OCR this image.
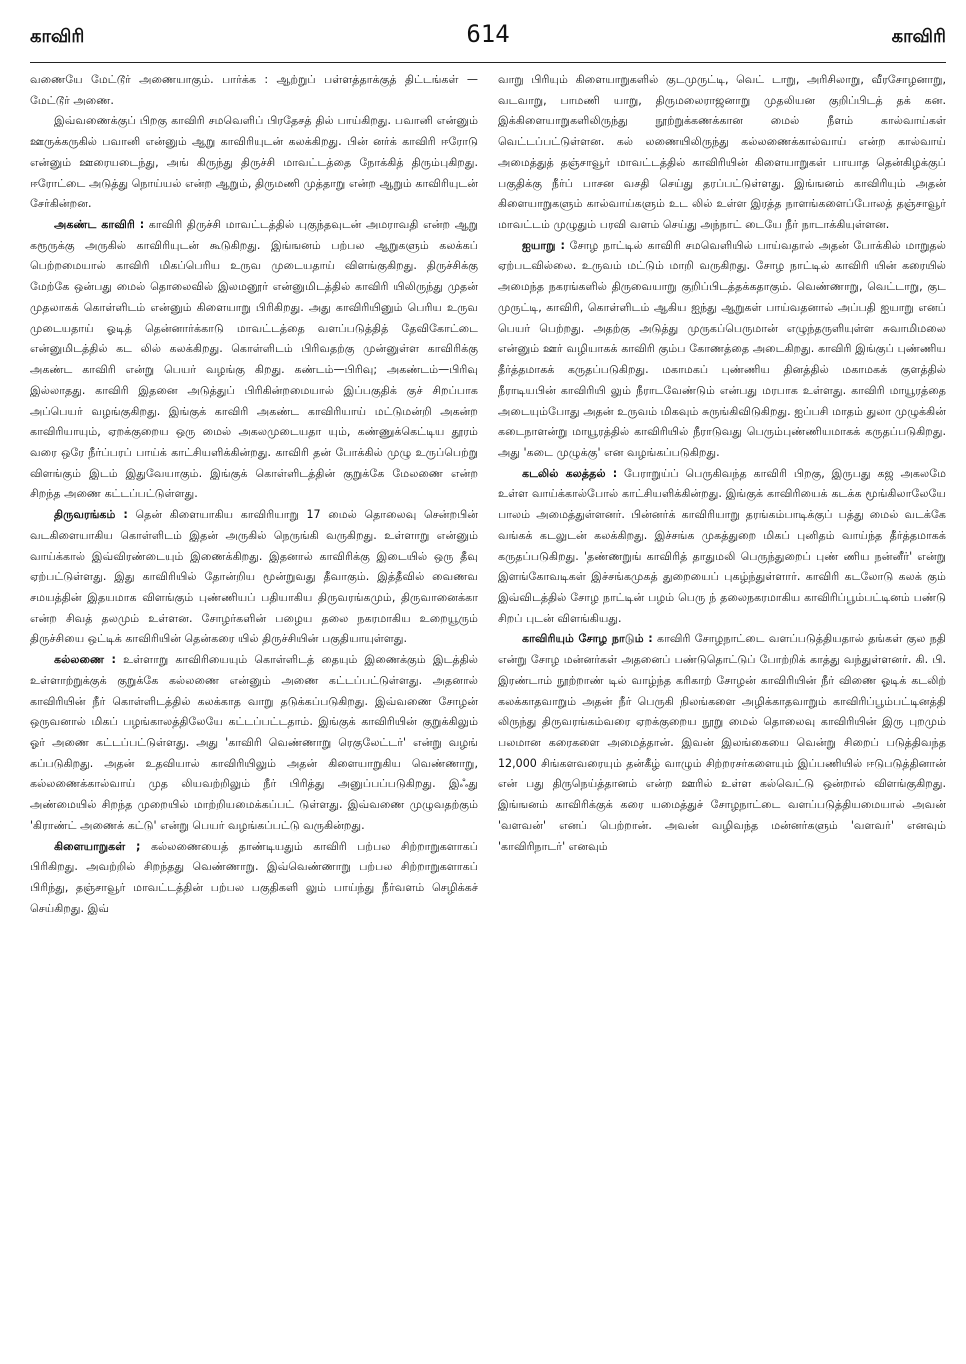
காவிரி	614	காவிரி

வணையே மேட்டூர் அணையாகும். பார்க்க : ஆற்றுப் பள்ளத்தாக்குத் திட்டங்கள் — மேட்டூர் அணை.

இவ்வணைக்குப் பிறகு காவிரி சமவெளிப் பிரதேசத் தில் பாய்கிறது. பவானி என்னும் ஊருக்கருகில் பவானி என்னும் ஆறு காவிரியுடன் கலக்கிறது. பின் னர்க் காவிரி ஈரோடு என்னும் ஊரையடைந்து, அங் கிருந்து திருச்சி மாவட்டத்தை நோக்கித் திரும்புகிறது. ஈரோட்டை அடுத்து நொய்யல் என்ற ஆறும், திருமணி முத்தாறு என்ற ஆறும் காவிரியுடன் சேர்கின்றன.

அகண்ட காவிரி : காவிரி திருச்சி மாவட்டத்தில் புகுந்தவுடன் அமராவதி என்ற ஆறு கரூருக்கு அருகில் காவிரியுடன் கூடுகிறது. இங்ஙனம் பற்பல ஆறுகளும் கலக்கப் பெற்றமையால் காவிரி மிகப்பெரிய உருவ முடையதாய் விளங்குகிறது. திருச்சிக்கு மேற்கே ஒன்பது மைல் தொலைவில் இலமனூர் என்னுமிடத்தில் காவிரி யிலிருந்து முதன் முதலாகக் கொள்ளிடம் என்னும் கிளையாறு பிரிகிறது. அது காவிரியினும் பெரிய உருவ முடையதாய் ஓடித் தென்னார்க்காடு மாவட்டத்தை வளப்படுத்தித் தேவிகோட்டை என்னுமிடத்தில் கட லில் கலக்கிறது. கொள்ளிடம் பிரிவதற்கு முன்னுள்ள காவிரிக்கு அகண்ட காவிரி என்று பெயர் வழங்கு கிறது. கண்டம்—பிரிவு; அகண்டம்—பிரிவு இல்லாதது. காவிரி இதனை அடுத்துப் பிரிகின்றமையால் இப்பகுதிக் குச் சிறப்பாக அப்பெயர் வழங்குகிறது. இங்குக் காவிரி அகண்ட காவிரியாய் மட்டுமன்றி அகன்ற காவிரியாயும், ஏறக்குறைய ஒரு மைல் அகலமுடையதா யும், கண்ணுக்கெட்டிய தூரம் வரை ஒரே நீர்ப்பரப் பாய்க் காட்சியளிக்கின்றது. காவிரி தன் போக்கில் முழு உருப்பெற்று விளங்கும் இடம் இதுவேயாகும். இங்குக் கொள்ளிடத்தின் குறுக்கே மேலணை என்ற சிறந்த அணை கட்டப்பட்டுள்ளது.

திருவரங்கம் : தென் கிளையாகிய காவிரியாறு 17 மைல் தொலைவு சென்றபின் வடகிளையாகிய கொள்ளிடம் இதன் அருகில் நெருங்கி வருகிறது. உள்ளாறு என்னும் வாய்க்கால் இவ்விரண்டையும் இணைக்கிறது. இதனால் காவிரிக்கு இடையில் ஒரு தீவு ஏற்பட்டுள்ளது. இது காவிரியில் தோன்றிய மூன்றுவது தீவாகும். இத்தீவில் வைணவ சமயத்தின் இதயமாக விளங்கும் புண்ணியப் பதியாகிய திருவரங்கமும், திருவானைக்கா என்ற சிவத் தலமும் உள்ளன. சோழர்களின் பழைய தலை நகரமாகிய உறையூரும் திருச்சியை ஒட்டிக் காவிரியின் தென்கரை யில் திருச்சியின் பகுதியாயுள்ளது.

கல்லணை : உள்ளாறு காவிரியையும் கொள்ளிடத் தையும் இணைக்கும் இடத்தில் உள்ளாற்றுக்குக் குறுக்கே கல்லணை என்னும் அணை கட்டப்பட்டுள்ளது. அதனால் காவிரியின் நீர் கொள்ளிடத்தில் கலக்காத வாறு தடுக்கப்படுகிறது. இவ்வணை சோழன் ஒருவனால் மிகப் பழங்காலத்திலேயே கட்டப்பட்டதாம். இங்குக் காவிரியின் குறுக்கிலும் ஓர் அணை கட்டப்பட்டுள்ளது. அது 'காவிரி வெண்ணாறு ரெகுலேட்டர்' என்று வழங் கப்படுகிறது. அதன் உதவியால் காவிரியிலும் அதன் கிளையாறுகிய வெண்ணாறு, கல்லணைக்கால்வாய் முத லியவற்றிலும் நீர் பிரித்து அனுப்பப்படுகிறது. இஃது அண்மையில் சிறந்த முறையில் மாற்றியமைக்கப்பட் டுள்ளது. இவ்வணை முழுவதற்கும் 'கிராண்ட் அணைக் கட்டு' என்று பெயர் வழங்கப்பட்டு வருகின்றது.

கிளையாறுகள் ; கல்லணையைத் தாண்டியதும் காவிரி பற்பல சிற்றாறுகளாகப் பிரிகிறது. அவற்றில் சிறந்தது வெண்ணாறு. இவ்வெண்ணாறு பற்பல சிற்றாறுகளாகப் பிரிந்து, தஞ்சாவூர் மாவட்டத்தின் பற்பல பகுதிகளி லும் பாய்ந்து நீர்வளம் செழிக்கச் செய்கிறது. இவ்

வாறு பிரியும் கிளையாறுகளில் குடமுருட்டி, வெட் டாறு, அரிசிலாறு, வீரசோழனாறு, வடவாறு, பாமணி யாறு, திருமலைராஜனாறு முதலியன குறிப்பிடத் தக் கன. இக்கிளையாறுகளிலிருந்து நூற்றுக்கணக்கான மைல் நீளம் கால்வாய்கள் வெட்டப்பட்டுள்ளன. கல் லணையிலிருந்து கல்லணைக்கால்வாய் என்ற கால்வாய் அமைத்துத் தஞ்சாவூர் மாவட்டத்தில் காவிரியின் கிளையாறுகள் பாயாத தென்கிழக்குப் பகுதிக்கு நீர்ப் பாசன வசதி செய்து தரப்பட்டுள்ளது. இங்ஙனம் காவிரியும் அதன் கிளையாறுகளும் கால்வாய்களும் உட லில் உள்ள இரத்த நாளங்களைப்போலத் தஞ்சாவூர் மாவட்டம் முழுதும் பரவி வளம் செய்து அந்நாட் டையே நீர் நாடாக்கியுள்ளன.

ஐயாறு : சோழ நாட்டில் காவிரி சமவெளியில் பாய்வதால் அதன் போக்கில் மாறுதல் ஏற்படவில்லை. உருவம் மட்டும் மாறி வருகிறது. சோழ நாட்டில் காவிரி யின் கரையில் அமைந்த நகரங்களில் திருவையாறு குறிப்பிடத்தக்கதாகும். வெண்ணாறு, வெட்டாறு, குட முருட்டி, காவிரி, கொள்ளிடம் ஆகிய ஐந்து ஆறுகள் பாய்வதனால் அப்பதி ஐயாறு எனப் பெயர் பெற்றது. அதற்கு அடுத்து முருகப்பெருமான் எழுந்தருளியுள்ள சுவாமிமலை என்னும் ஊர் வழியாகக் காவிரி கும்ப கோணத்தை அடைகிறது. காவிரி இங்குப் புண்ணிய தீர்த்தமாகக் கருதப்படுகிறது. மகாமகப் புண்ணிய தினத்தில் மகாமகக் குளத்தில் நீராடியபின் காவிரியி லும் நீராடவேண்டும் என்பது மரபாக உள்ளது. காவிரி மாயூரத்தை அடையும்போது அதன் உருவம் மிகவும் சுருங்கிவிடுகிறது. ஐப்பசி மாதம் துலா முழுக்கின் கடைநாளன்று மாயூரத்தில் காவிரியில் நீராடுவது பெரும்புண்ணியமாகக் கருதப்படுகிறது. அது 'கடை முழுக்கு' என வழங்கப்படுகிறது.

கடலில் கலத்தல் : பேராறுய்ப் பெருகிவந்த காவிரி பிறகு, இருபது கஜ அகலமே உள்ள வாய்க்கால்போல் காட்சியளிக்கின்றது. இங்குக் காவிரியைக் கடக்க மூங்கிலாலேயே பாலம் அமைத்துள்ளனர். பின்னர்க் காவிரியாறு தரங்கம்பாடிக்குப் பத்து மைல் வடக்கே வங்கக் கடலுடன் கலக்கிறது. இச்சங்க முகத்துறை மிகப் புனிதம் வாய்ந்த தீர்த்தமாகக் கருதப்படுகிறது. 'தண்ணறுங் காவிரித் தாதுமலி பெருந்துறைப் புண் ணிய நன்னீர்' என்று இளங்கோவடிகள் இச்சங்கமுகத் துறையைப் புகழ்ந்துள்ளார். காவிரி கடலோடு கலக் கும் இவ்விடத்தில் சோழ நாட்டின் பழம் பெரு ந் தலைநகரமாகிய காவிரிப்பூம்பட்டினம் பண்டு சிறப் புடன் விளங்கியது.

காவிரியும் சோழ நாடும் : காவிரி சோழநாட்டை வளப்படுத்தியதால் தங்கள் குல நதி என்று சோழ மன்னர்கள் அதனைப் பண்டுதொட்டுப் போற்றிக் காத்து வந்துள்ளனர். கி. பி. இரண்டாம் நூற்றாண் டில் வாழ்ந்த கரிகாற் சோழன் காவிரியின் நீர் விணை ஓடிக் கடலிற் கலக்காதவாறும் அதன் நீர் பெருகி நிலங்களை அழிக்காதவாறும் காவிரிப்பூம்பட்டினத்தி லிருந்து திருவரங்கம்வரை ஏறக்குறைய நூறு மைல் தொலைவு காவிரியின் இரு புறமும் பலமான கரைகளை அமைத்தான். இவன் இலங்கையை வென்று சிறைப் படுத்திவந்த 12,000 சிங்களவரையும் தன்கீழ் வாழும் சிற்றரசர்களையும் இப்பணியில் ஈடுபடுத்தினான் என் பது திருநெய்த்தானம் என்ற ஊரில் உள்ள கல்வெட்டு ஒன்றால் விளங்குகிறது. இங்ஙனம் காவிரிக்குக் கரை யமைத்துச் சோழநாட்டை வளப்படுத்தியமையால் அவன் 'வளவன்' எனப் பெற்றான். அவன் வழிவந்த மன்னர்களும் 'வளவர்' எனவும் 'காவிரிநாடர்' எனவும்
